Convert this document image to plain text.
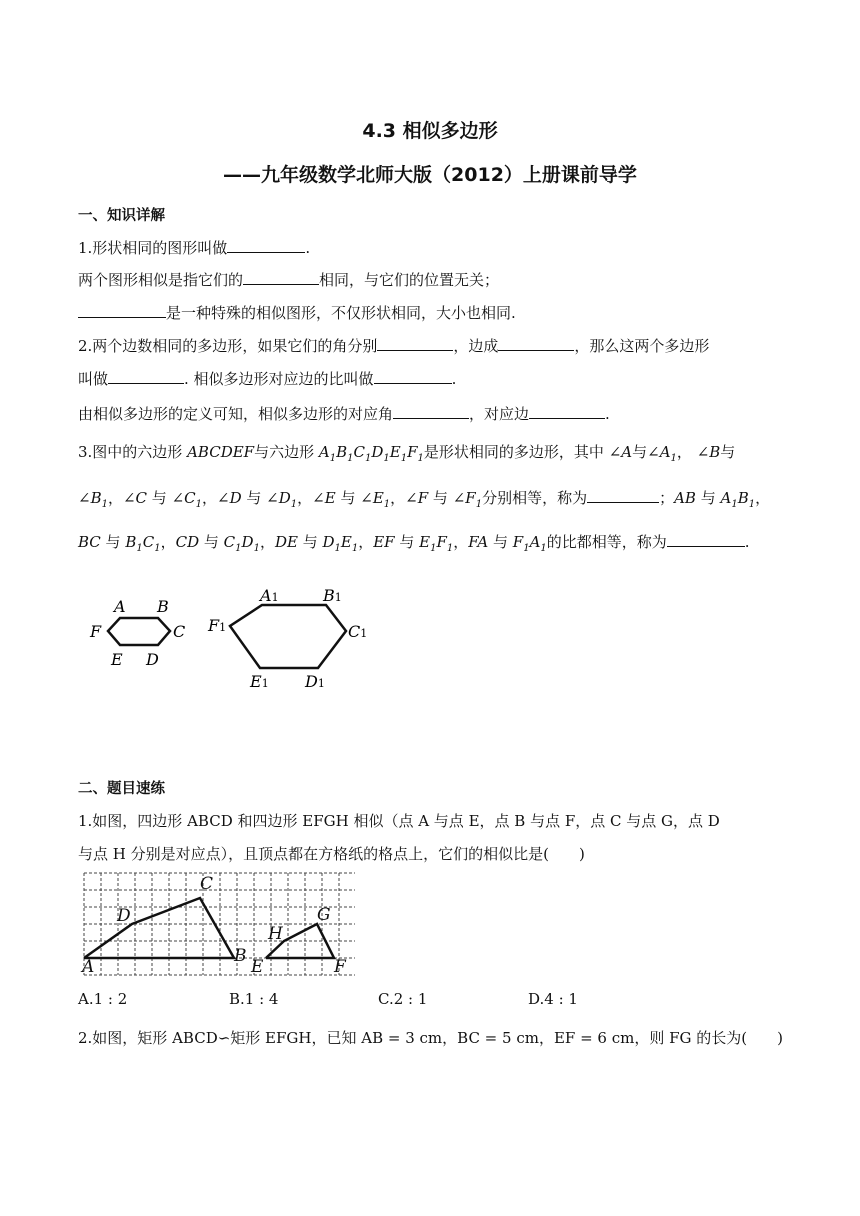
4.3 相似多边形
——九年级数学北师大版（2012）上册课前导学
一、知识详解
1.形状相同的图形叫做	.
两个图形相似是指它们的	相同，与它们的位置无关；
是一种特殊的相似图形，不仅形状相同，大小也相同.
2.两个边数相同的多边形，如果它们的角分别	，边成	，那么这两个多边形
叫做	. 相似多边形对应边的比叫做	.
由相似多边形的定义可知，相似多边形的对应角	，对应边	.
3.图中的六边形 ABCDEF与六边形 $A_1B_1C_1D_1E_1F_1$是形状相同的多边形，其中 ∠A与$\angle A_1$， ∠B与
$\angle B_1$，∠C 与 $\angle C_1$，∠D 与 $\angle D_1$，∠E 与 $\angle E_1$，∠F 与 $\angle F_1$分别相等，称为	；AB 与 $A_1B_1$，
BC 与 $B_1C_1$，CD 与 $C_1D_1$，DE 与 $D_1E_1$，EF 与 $E_1F_1$，FA 与 $F_1A_1$的比都相等，称为	.
A B
C
D
E
F
A1	B1
C1
D1
E1
F1
二、题目速练
1.如图，四边形 ABCD 和四边形 EFGH 相似（点 A 与点 E，点 B 与点 F，点 C 与点 G，点 D
与点 H 分别是对应点），且顶点都在方格纸的格点上，它们的相似比是(　　)
A
B
C
D
E	F
G
H
A.1 : 2	B.1 : 4	C.2 : 1	D.4 : 1
2.如图，矩形 ABCD∽矩形 EFGH，已知 AB = 3 cm，BC = 5 cm，EF = 6 cm，则 FG 的长为(　　)
